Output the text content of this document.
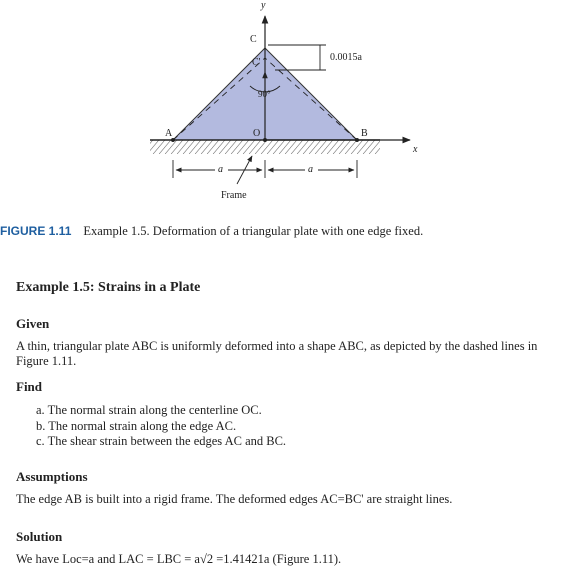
y
x
C
C'
A	B
O
90°
0.0015a
a	a
Frame
FIGURE 1.11 Example 1.5. Deformation of a triangular plate with one edge fixed.
Example 1.5: Strains in a Plate
Given
A thin, triangular plate ABC is uniformly deformed into a shape ABC, as depicted by the dashed lines in Figure 1.11.
Find
a. The normal strain along the centerline OC.
b. The normal strain along the edge AC.
c. The shear strain between the edges AC and BC.
Assumptions
The edge AB is built into a rigid frame. The deformed edges AC=BC' are straight lines.
Solution
We have Loc=a and LAC = LBC = a√2 =1.41421a (Figure 1.11).
